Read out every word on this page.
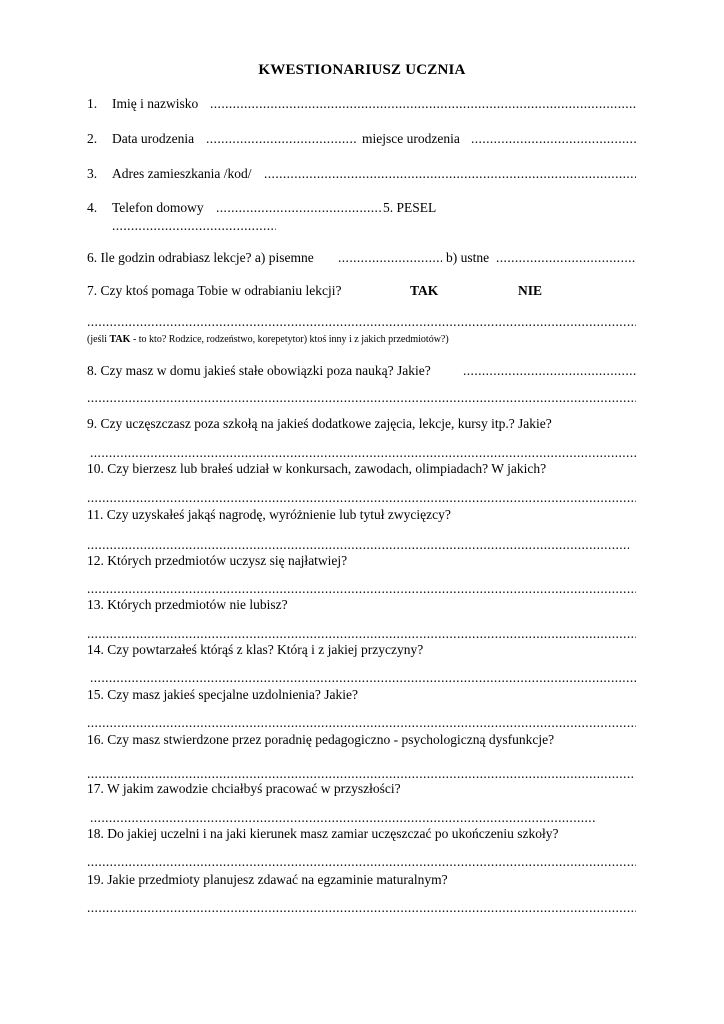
KWESTIONARIUSZ UCZNIA
1. Imię i nazwisko
.....
2. Data urodzenia .....	miejsce urodzenia
.....
3. Adres zamieszkania /kod/
.....
4. Telefon domowy .....	5. PESEL
.....
6. Ile godzin odrabiasz lekcje? a) pisemne .....	b) ustne
.....
7. Czy ktoś pomaga Tobie w odrabianiu lekcji?	TAK	NIE
.....
(jeśli TAK - to kto? Rodzice, rodzeństwo, korepetytor) ktoś inny i z jakich przedmiotów?)
8. Czy masz w domu jakieś stałe obowiązki poza nauką? Jakie?
.....
.....
9. Czy uczęszczasz poza szkołą na jakieś dodatkowe zajęcia, lekcje, kursy itp.? Jakie?
.....
10. Czy bierzesz lub brałeś udział w konkursach, zawodach, olimpiadach? W jakich?
.....
11. Czy uzyskałeś jakąś nagrodę, wyróżnienie lub tytuł zwycięzcy?
.....
12. Których przedmiotów uczysz się najłatwiej?
.....
13. Których przedmiotów nie lubisz?
.....
14. Czy powtarzałeś którąś z klas? Którą i z jakiej przyczyny?
.....
15. Czy masz jakieś specjalne uzdolnienia? Jakie?
.....
16. Czy masz stwierdzone przez poradnię pedagogiczno - psychologiczną dysfunkcje?
.....
17. W jakim zawodzie chciałbyś pracować w przyszłości?
.....
18. Do jakiej uczelni i na jaki kierunek masz zamiar uczęszczać po ukończeniu szkoły?
.....
19. Jakie przedmioty planujesz zdawać na egzaminie maturalnym?
.....
